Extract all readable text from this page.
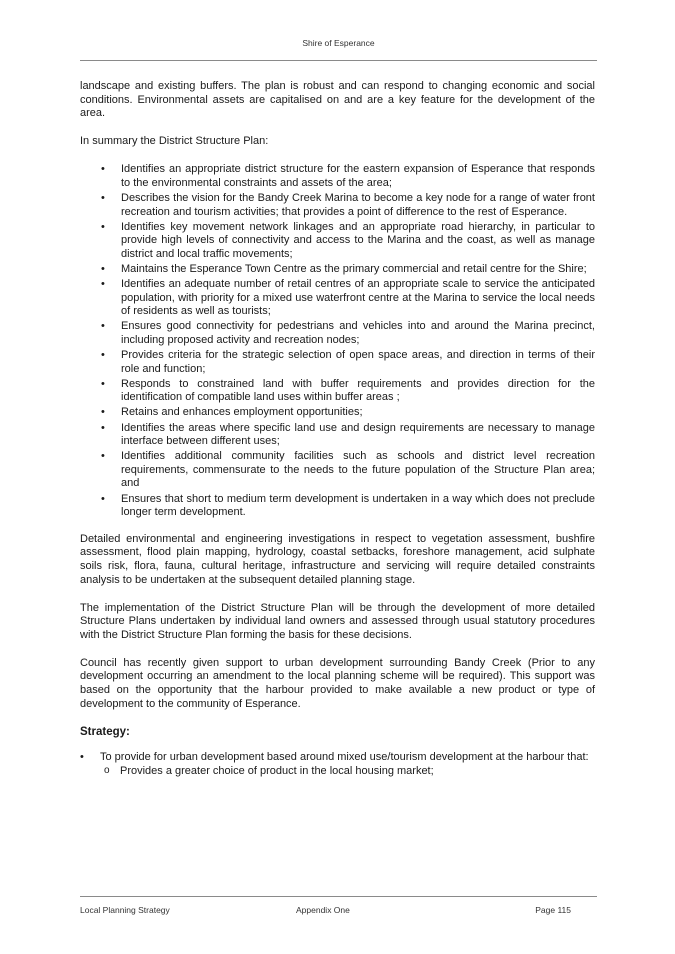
Shire of Esperance

landscape and existing buffers. The plan is robust and can respond to changing economic and social conditions. Environmental assets are capitalised on and are a key feature for the development of the area.

In summary the District Structure Plan:

• Identifies an appropriate district structure for the eastern expansion of Esperance that responds to the environmental constraints and assets of the area;
• Describes the vision for the Bandy Creek Marina to become a key node for a range of water front recreation and tourism activities; that provides a point of difference to the rest of Esperance.
• Identifies key movement network linkages and an appropriate road hierarchy, in particular to provide high levels of connectivity and access to the Marina and the coast, as well as manage district and local traffic movements;
• Maintains the Esperance Town Centre as the primary commercial and retail centre for the Shire;
• Identifies an adequate number of retail centres of an appropriate scale to service the anticipated population, with priority for a mixed use waterfront centre at the Marina to service the local needs of residents as well as tourists;
• Ensures good connectivity for pedestrians and vehicles into and around the Marina precinct, including proposed activity and recreation nodes;
• Provides criteria for the strategic selection of open space areas, and direction in terms of their role and function;
• Responds to constrained land with buffer requirements and provides direction for the identification of compatible land uses within buffer areas ;
• Retains and enhances employment opportunities;
• Identifies the areas where specific land use and design requirements are necessary to manage interface between different uses;
• Identifies additional community facilities such as schools and district level recreation requirements, commensurate to the needs to the future population of the Structure Plan area; and
• Ensures that short to medium term development is undertaken in a way which does not preclude longer term development.

Detailed environmental and engineering investigations in respect to vegetation assessment, bushfire assessment, flood plain mapping, hydrology, coastal setbacks, foreshore management, acid sulphate soils risk, flora, fauna, cultural heritage, infrastructure and servicing will require detailed constraints analysis to be undertaken at the subsequent detailed planning stage.

The implementation of the District Structure Plan will be through the development of more detailed Structure Plans undertaken by individual land owners and assessed through usual statutory procedures with the District Structure Plan forming the basis for these decisions.

Council has recently given support to urban development surrounding Bandy Creek (Prior to any development occurring an amendment to the local planning scheme will be required). This support was based on the opportunity that the harbour provided to make available a new product or type of development to the community of Esperance.

Strategy:
• To provide for urban development based around mixed use/tourism development at the harbour that:
o Provides a greater choice of product in the local housing market;
Local Planning Strategy	Appendix One	Page 115
